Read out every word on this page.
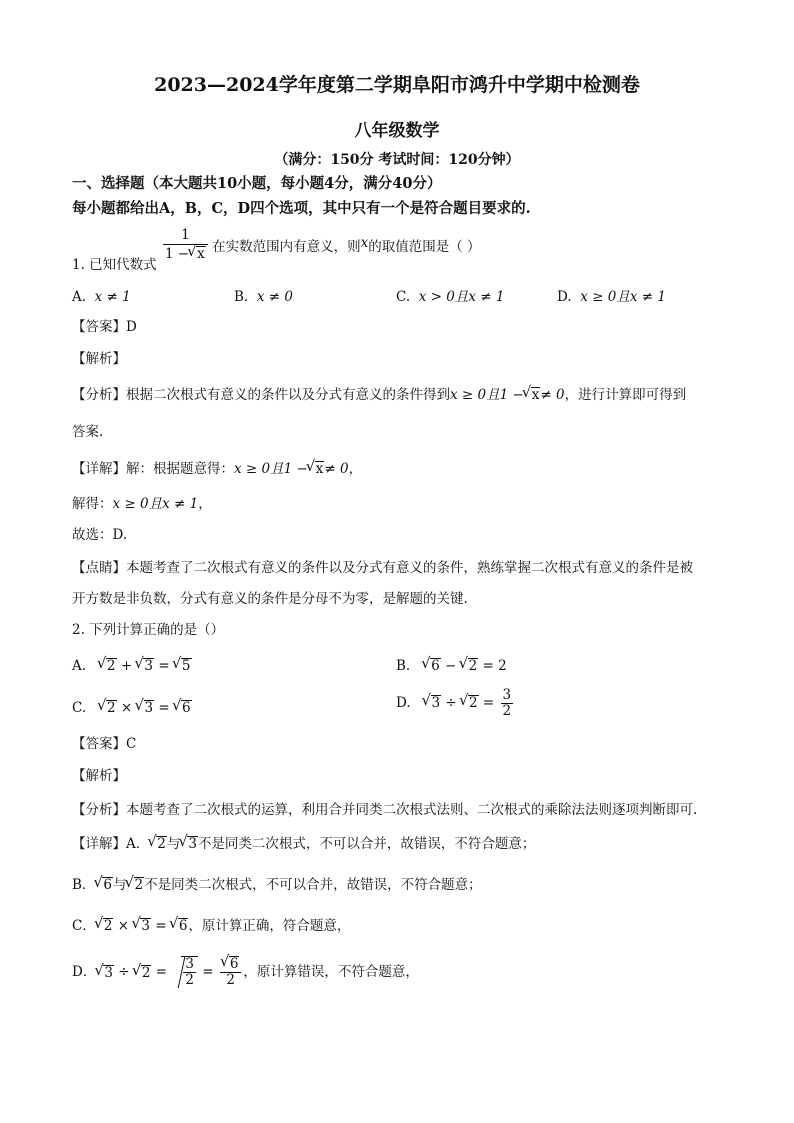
2023—2024学年度第二学期阜阳市鸿升中学期中检测卷
八年级数学
（满分：150分 考试时间：120分钟）
一、选择题（本大题共10小题，每小题4分，满分40分）
每小题都给出A，B，C，D四个选项，其中只有一个是符合题目要求的.
1. 已知代数式
$\frac{1}{1 - √ x}$ 在实数范围内有意义，则x的取值范围是（ ）
A. x ≠ 1	B. x ≠ 0	C. x > 0且x ≠ 1	D. x ≥ 0且x ≠ 1
【答案】D
【解析】
【分析】根据二次根式有意义的条件以及分式有意义的条件得到x ≥ 0且1 − √ x≠ 0，进行计算即可得到
答案.
【详解】解：根据题意得：x ≥ 0且1 − √ x≠ 0，
解得：x ≥ 0且x ≠ 1，
故选：D.
【点睛】本题考查了二次根式有意义的条件以及分式有意义的条件，熟练掌握二次根式有意义的条件是被
开方数是非负数，分式有意义的条件是分母不为零，是解题的关键.
2. 下列计算正确的是（）
A. √ 2 + √ 3 = √ 5	B. √ 6 − √ 2 = 2
C. √ 2 × √ 3 = √ 6	D. √ 3 ÷ √ $2 = \frac{3}{2}$
【答案】C
【解析】
【分析】本题考查了二次根式的运算，利用合并同类二次根式法则、二次根式的乘除法法则逐项判断即可.
【详解】A． √ 2与 √ 3不是同类二次根式，不可以合并，故错误，不符合题意；
B． √ 6与 √ 2不是同类二次根式，不可以合并，故错误，不符合题意；
C． √ 2 × √ 3 = √ 6，原计算正确，符合题意，
D． √ 3 ÷ √ $2 = \frac{3}{2}$ = √ $\frac{6}{2}$ ，原计算错误，不符合题意，
